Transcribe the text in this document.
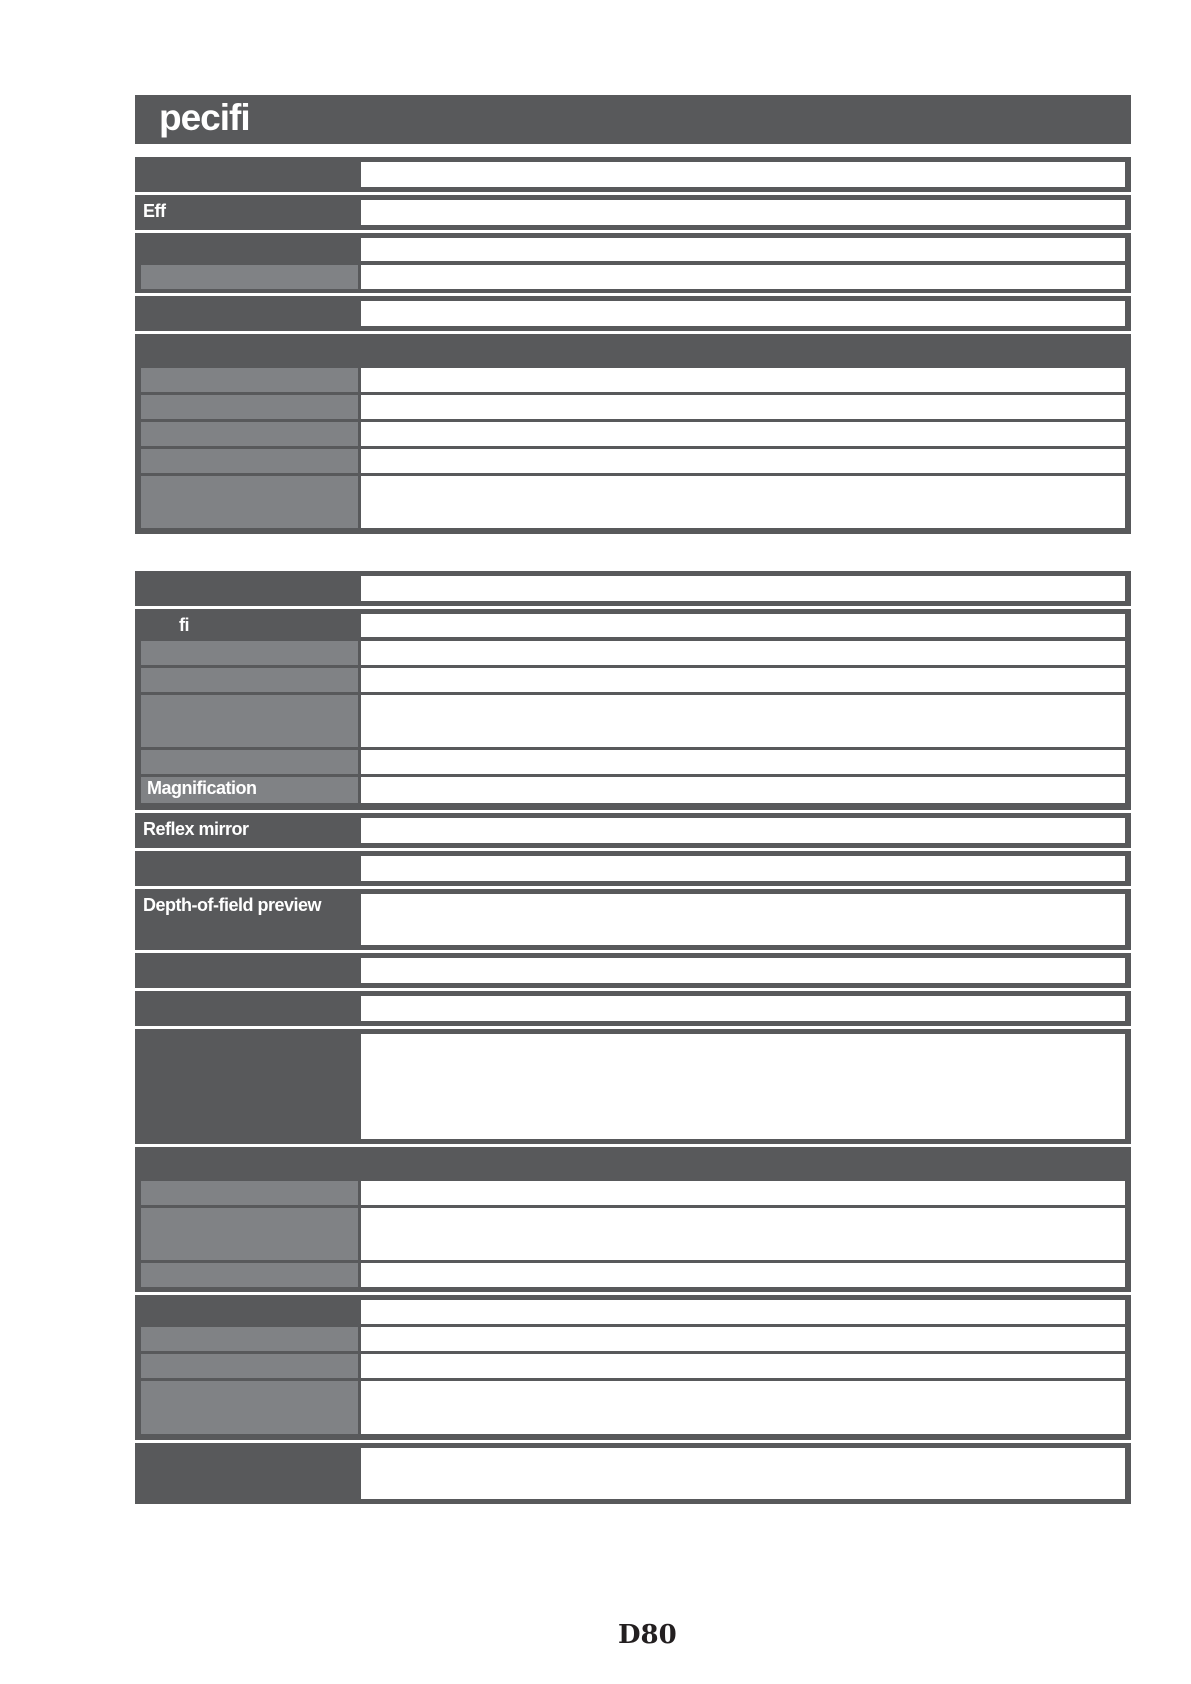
pecifi
Eff
fi
Magnification
Reflex mirror
Depth-of-field preview
D80
